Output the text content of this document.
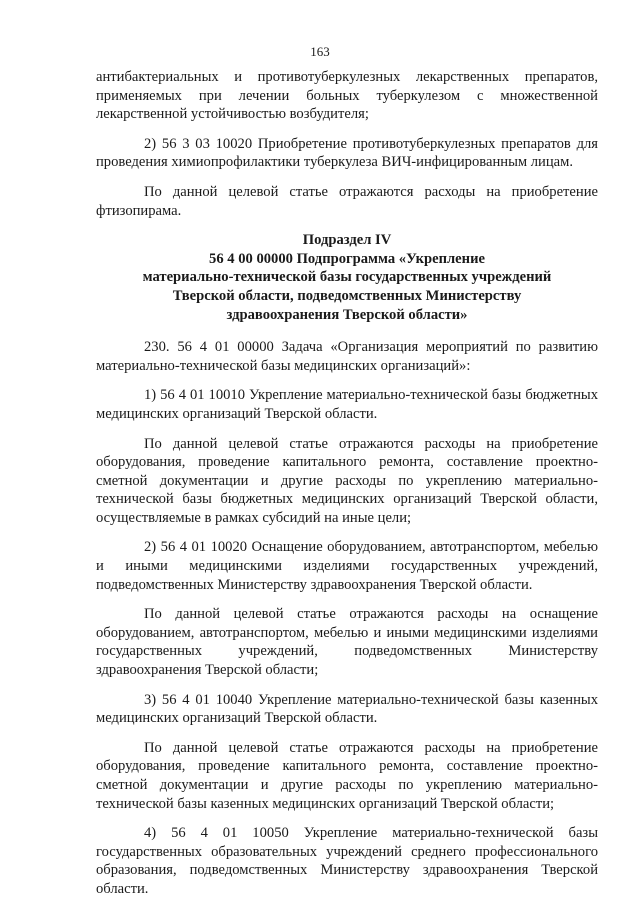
163

антибактериальных и противотуберкулезных лекарственных препаратов, применяемых при лечении больных туберкулезом с множественной лекарственной устойчивостью возбудителя;

2) 56 3 03 10020 Приобретение противотуберкулезных препаратов для проведения химиопрофилактики туберкулеза ВИЧ-инфицированным лицам.

По данной целевой статье отражаются расходы на приобретение фтизопирама.

Подраздел IV
56 4 00 00000 Подпрограмма «Укрепление
материально-технической базы государственных учреждений
Тверской области, подведомственных Министерству
здравоохранения Тверской области»

230. 56 4 01 00000 Задача «Организация мероприятий по развитию материально-технической базы медицинских организаций»:

1) 56 4 01 10010 Укрепление материально-технической базы бюджетных медицинских организаций Тверской области.

По данной целевой статье отражаются расходы на приобретение оборудования, проведение капитального ремонта, составление проектно-сметной документации и другие расходы по укреплению материально-технической базы бюджетных медицинских организаций Тверской области, осуществляемые в рамках субсидий на иные цели;

2) 56 4 01 10020 Оснащение оборудованием, автотранспортом, мебелью и иными медицинскими изделиями государственных учреждений, подведомственных Министерству здравоохранения Тверской области.

По данной целевой статье отражаются расходы на оснащение оборудованием, автотранспортом, мебелью и иными медицинскими изделиями государственных учреждений, подведомственных Министерству здравоохранения Тверской области;

3) 56 4 01 10040 Укрепление материально-технической базы казенных медицинских организаций Тверской области.

По данной целевой статье отражаются расходы на приобретение оборудования, проведение капитального ремонта, составление проектно-сметной документации и другие расходы по укреплению материально-технической базы казенных медицинских организаций Тверской области;

4) 56 4 01 10050 Укрепление материально-технической базы государственных образовательных учреждений среднего профессионального образования, подведомственных Министерству здравоохранения Тверской области.
